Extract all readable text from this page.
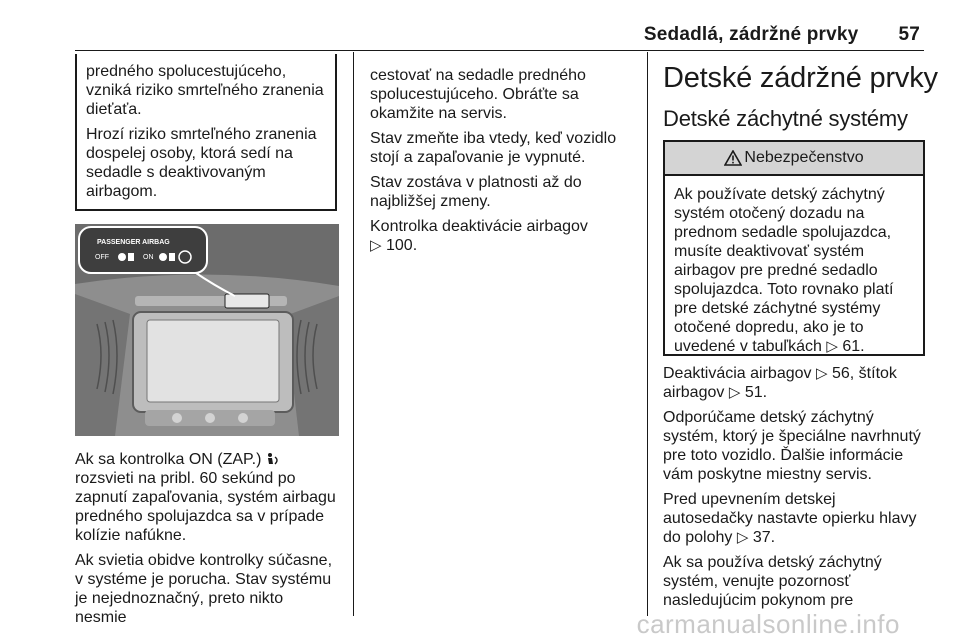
Sedadlá, zádržné prvky 57
predného spolucestujúceho,
vzniká riziko smrteľného zranenia
dieťaťa.
Hrozí riziko smrteľného zranenia
dospelej osoby, ktorá sedí na
sedadle s deaktivovaným
airbagom.
PASSENGER AIRBAG
OFF	ON
Ak sa kontrolka ON (ZAP.)
rozsvieti na pribl. 60 sekúnd po
zapnutí zapaľovania, systém airbagu
predného spolujazdca sa v prípade
kolízie nafúkne.
Ak svietia obidve kontrolky súčasne,
v systéme je porucha. Stav systému
je nejednoznačný, preto nikto nesmie
cestovať na sedadle predného
spolucestujúceho. Obráťte sa
okamžite na servis.
Stav zmeňte iba vtedy, keď vozidlo
stojí a zapaľovanie je vypnuté.
Stav zostáva v platnosti až do
najbližšej zmeny.
Kontrolka deaktivácie airbagov
▷ 100.
Detské zádržné prvky
Detské záchytné systémy
Nebezpečenstvo
Ak používate detský záchytný
systém otočený dozadu na
prednom sedadle spolujazdca,
musíte deaktivovať systém
airbagov pre predné sedadlo
spolujazdca. Toto rovnako platí
pre detské záchytné systémy
otočené dopredu, ako je to
uvedené v tabuľkách ▷ 61.
Deaktivácia airbagov ▷ 56, štítok
airbagov ▷ 51.
Odporúčame detský záchytný
systém, ktorý je špeciálne navrhnutý
pre toto vozidlo. Ďalšie informácie
vám poskytne miestny servis.
Pred upevnením detskej
autosedačky nastavte opierku hlavy
do polohy ▷ 37.
Ak sa používa detský záchytný
systém, venujte pozornosť
nasledujúcim pokynom pre
carmanualsonline.info
